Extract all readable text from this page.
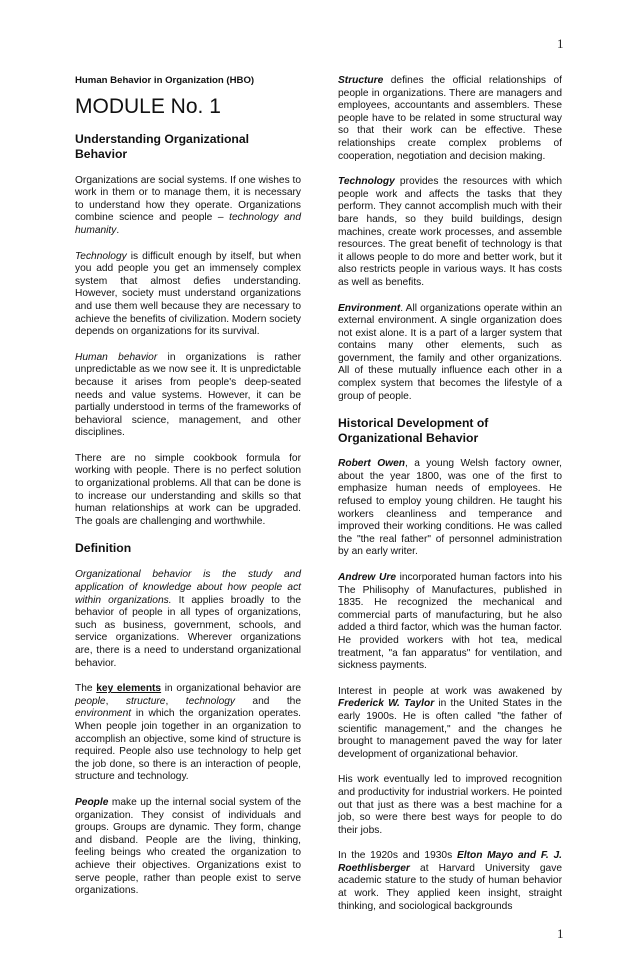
1
Human Behavior in Organization (HBO)
MODULE No. 1
Understanding Organizational Behavior

Organizations are social systems. If one wishes to work in them or to manage them, it is necessary to understand how they operate. Organizations combine science and people – technology and humanity.

Technology is difficult enough by itself, but when you add people you get an immensely complex system that almost defies understanding. However, society must understand organizations and use them well because they are necessary to achieve the benefits of civilization. Modern society depends on organizations for its survival.

Human behavior in organizations is rather unpredictable as we now see it. It is unpredictable because it arises from people's deep-seated needs and value systems. However, it can be partially understood in terms of the frameworks of behavioral science, management, and other disciplines.

There are no simple cookbook formula for working with people. There is no perfect solution to organizational problems. All that can be done is to increase our understanding and skills so that human relationships at work can be upgraded. The goals are challenging and worthwhile.

Definition

Organizational behavior is the study and application of knowledge about how people act within organizations. It applies broadly to the behavior of people in all types of organizations, such as business, government, schools, and service organizations. Wherever organizations are, there is a need to understand organizational behavior.

The key elements in organizational behavior are people, structure, technology and the environment in which the organization operates. When people join together in an organization to accomplish an objective, some kind of structure is required. People also use technology to help get the job done, so there is an interaction of people, structure and technology.

People make up the internal social system of the organization. They consist of individuals and groups. Groups are dynamic. They form, change and disband. People are the living, thinking, feeling beings who created the organization to achieve their objectives. Organizations exist to serve people, rather than people exist to serve organizations.

Structure defines the official relationships of people in organizations. There are managers and employees, accountants and assemblers. These people have to be related in some structural way so that their work can be effective. These relationships create complex problems of cooperation, negotiation and decision making.

Technology provides the resources with which people work and affects the tasks that they perform. They cannot accomplish much with their bare hands, so they build buildings, design machines, create work processes, and assemble resources. The great benefit of technology is that it allows people to do more and better work, but it also restricts people in various ways. It has costs as well as benefits.

Environment. All organizations operate within an external environment. A single organization does not exist alone. It is a part of a larger system that contains many other elements, such as government, the family and other organizations. All of these mutually influence each other in a complex system that becomes the lifestyle of a group of people.

Historical Development of Organizational Behavior

Robert Owen, a young Welsh factory owner, about the year 1800, was one of the first to emphasize human needs of employees. He refused to employ young children. He taught his workers cleanliness and temperance and improved their working conditions. He was called the "the real father" of personnel administration by an early writer.

Andrew Ure incorporated human factors into his The Philisophy of Manufactures, published in 1835. He recognized the mechanical and commercial parts of manufacturing, but he also added a third factor, which was the human factor. He provided workers with hot tea, medical treatment, "a fan apparatus" for ventilation, and sickness payments.

Interest in people at work was awakened by Frederick W. Taylor in the United States in the early 1900s. He is often called "the father of scientific management," and the changes he brought to management paved the way for later development of organizational behavior.

His work eventually led to improved recognition and productivity for industrial workers. He pointed out that just as there was a best machine for a job, so were there best ways for people to do their jobs.

In the 1920s and 1930s Elton Mayo and F. J. Roethlisberger at Harvard University gave academic stature to the study of human behavior at work. They applied keen insight, straight thinking, and sociological backgrounds

1
